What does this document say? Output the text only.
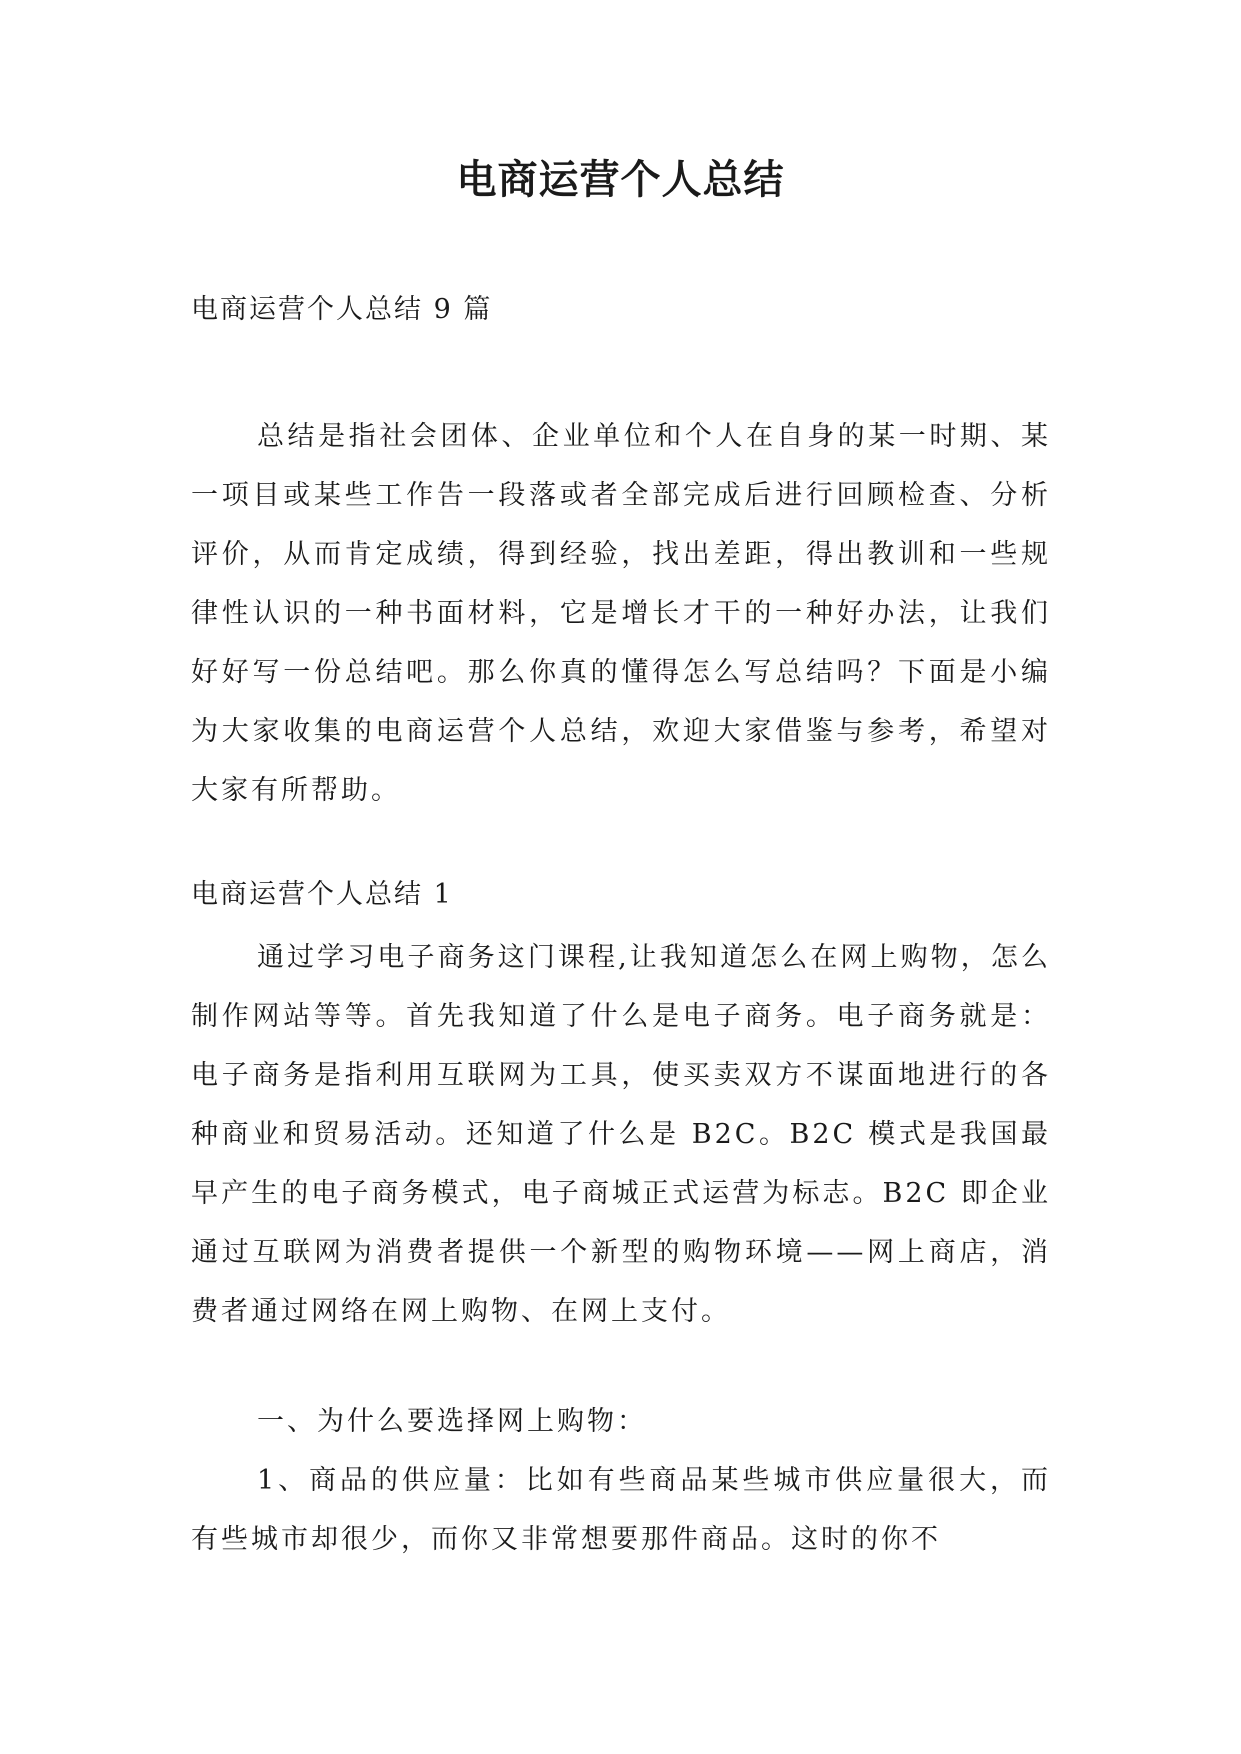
电商运营个人总结
电商运营个人总结 9 篇

总结是指社会团体、企业单位和个人在自身的某一时期、某一项目或某些工作告一段落或者全部完成后进行回顾检查、分析评价，从而肯定成绩，得到经验，找出差距，得出教训和一些规律性认识的一种书面材料，它是增长才干的一种好办法，让我们好好写一份总结吧。那么你真的懂得怎么写总结吗？下面是小编为大家收集的电商运营个人总结，欢迎大家借鉴与参考，希望对大家有所帮助。

电商运营个人总结 1

通过学习电子商务这门课程,让我知道怎么在网上购物，怎么制作网站等等。首先我知道了什么是电子商务。电子商务就是：电子商务是指利用互联网为工具，使买卖双方不谋面地进行的各种商业和贸易活动。还知道了什么是 B2C。B2C 模式是我国最早产生的电子商务模式，电子商城正式运营为标志。B2C 即企业通过互联网为消费者提供一个新型的购物环境——网上商店，消费者通过网络在网上购物、在网上支付。

一、为什么要选择网上购物：

1、商品的供应量：比如有些商品某些城市供应量很大，而有些城市却很少，而你又非常想要那件商品。这时的你不
